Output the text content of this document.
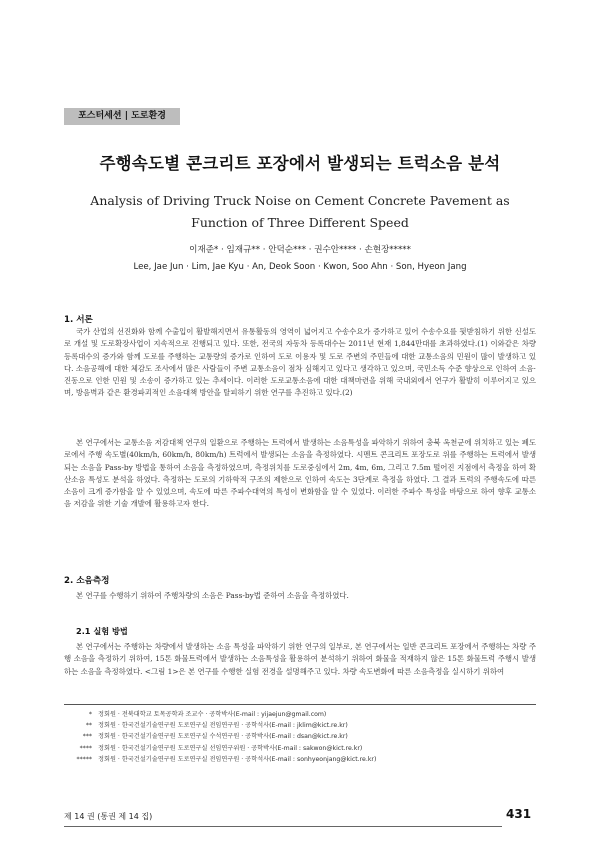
포스터세션 | 도로환경
주행속도별 콘크리트 포장에서 발생되는 트럭소음 분석
Analysis of Driving Truck Noise on Cement Concrete Pavement as
Function of Three Different Speed
이재준* · 임재규** · 안덕순*** · 권수안**** · 손현장*****
Lee, Jae Jun · Lim, Jae Kyu · An, Deok Soon · Kwon, Soo Ahn · Son, Hyeon Jang
1. 서론

국가 산업의 선진화와 함께 수출입이 활발해지면서 유통활동의 영역이 넓어지고 수송수요가 증가하고 있어 수송수요를 뒷받침하기 위한 신설도로 개설 및 도로확장사업이 지속적으로 진행되고 있다. 또한, 전국의 자동차 등록대수는 2011년 현재 1,844만대를 초과하였다.(1) 이와같은 차량등록대수의 증가와 함께 도로를 주행하는 교통량의 증가로 인하여 도로 이용자 및 도로 주변의 주민들에 대한 교통소음의 민원이 많이 발생하고 있다. 소음공해에 대한 체감도 조사에서 많은 사람들이 주변 교통소음이 점차 심해지고 있다고 생각하고 있으며, 국민소득 수준 향상으로 인하여 소음·진동으로 인한 민원 및 소송이 증가하고 있는 추세이다. 이러한 도로교통소음에 대한 대책마련을 위해 국내외에서 연구가 활발히 이루어지고 있으며, 방음벽과 같은 환경파괴적인 소음대책 방안을 탈피하기 위한 연구를 추진하고 있다.(2)

본 연구에서는 교통소음 저감대책 연구의 일환으로 주행하는 트럭에서 발생하는 소음특성을 파악하기 위하여 충북 옥천군에 위치하고 있는 폐도로에서 주행 속도별(40km/h, 60km/h, 80km/h) 트럭에서 발생되는 소음을 측정하였다. 시멘트 콘크리트 포장도로 위를 주행하는 트럭에서 발생되는 소음을 Pass-by 방법을 통하여 소음을 측정하였으며, 측정위치를 도로중심에서 2m, 4m, 6m, 그리고 7.5m 떨어진 지점에서 측정을 하여 확산소음 특성도 분석을 하였다. 측정하는 도로의 기하학적 구조의 제한으로 인하여 속도는 3단계로 측정을 하였다. 그 결과 트럭의 주행속도에 따른 소음이 크게 증가함을 알 수 있었으며, 속도에 따른 주파수대역의 특성이 변화함을 알 수 있었다. 이러한 주파수 특성을 바탕으로 하여 향후 교통소음 저감을 위한 기술 개발에 활용하고자 한다.

2. 소음측정

본 연구를 수행하기 위하여 주행차량의 소음은 Pass-by법 준하여 소음을 측정하였다.

2.1 실험 방법

본 연구에서는 주행하는 차량에서 발생하는 소음 특성을 파악하기 위한 연구의 일부로, 본 연구에서는 일반 콘크리트 포장에서 주행하는 차량 주행 소음을 측정하기 위하여, 15톤 화물트럭에서 발생하는 소음특성을 활용하여 분석하기 위하여 화물을 적재하지 않은 15톤 화물트럭 주행시 발생하는 소음을 측정하였다. <그림 1>은 본 연구를 수행한 실험 전경을 설명해주고 있다. 차량 속도변화에 따른 소음측정을 실시하기 위하여

* 정회원 · 전북대학교 토목공학과 조교수 · 공학박사(E-mail : yijaejun@gmail.com)
** 정회원 · 한국건설기술연구원 도로연구실 전임연구원 · 공학석사(E-mail : jklim@kict.re.kr)
*** 정회원 · 한국건설기술연구원 도로연구실 수석연구원 · 공학박사(E-mail : dsan@kict.re.kr)
**** 정회원 · 한국건설기술연구원 도로연구실 선임연구위원 · 공학박사(E-mail : sakwon@kict.re.kr)
***** 정회원 · 한국건설기술연구원 도로연구실 전임연구원 · 공학석사(E-mail : sonhyeonjang@kict.re.kr)
제 14 권 (통권 제 14 집)	431
